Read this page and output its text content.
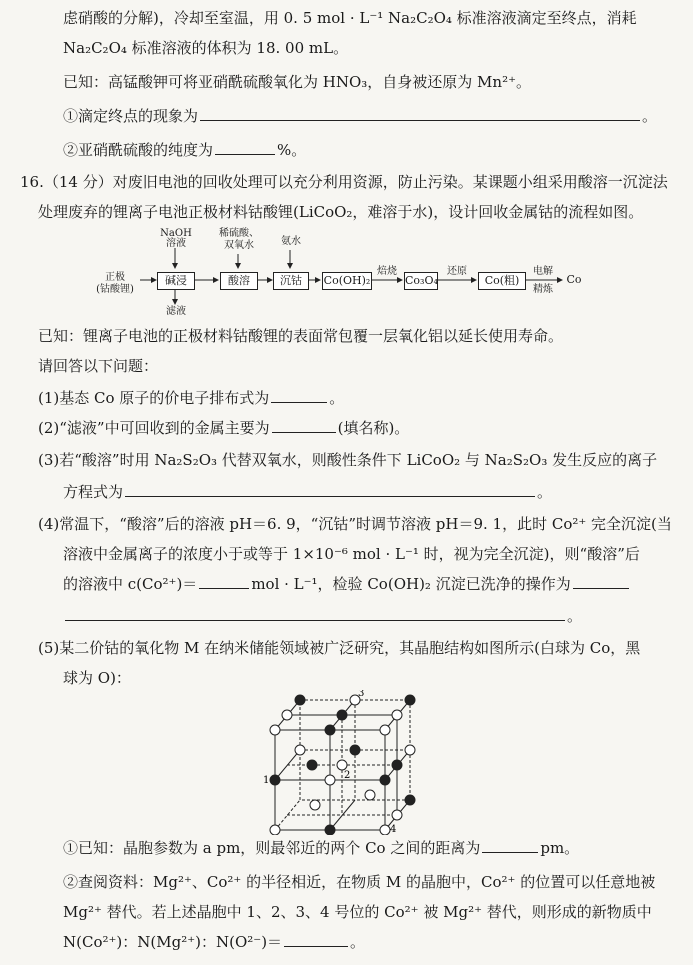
虑硝酸的分解)，冷却至室温，用 0. 5 mol · L⁻¹ Na₂C₂O₄ 标准溶液滴定至终点，消耗
Na₂C₂O₄ 标准溶液的体积为 18. 00 mL。
已知：高锰酸钾可将亚硝酰硫酸氧化为 HNO₃，自身被还原为 Mn²⁺。
①滴定终点的现象为	。
②亚硝酰硫酸的纯度为	%。
16.（14 分）对废旧电池的回收处理可以充分利用资源，防止污染。某课题小组采用酸溶一沉淀法
处理废弃的锂离子电池正极材料钴酸锂(LiCoO₂，难溶于水)，设计回收金属钴的流程如图。
正极
(钴酸锂)
NaOH
溶液
碱浸
滤液
稀硫酸、
双氧水
酸溶
氨水
沉钴	Co(OH)₂
焙烧
Co₃O₄
还原
Co(粗)
电解
精炼
Co
已知：锂离子电池的正极材料钴酸锂的表面常包覆一层氧化铝以延长使用寿命。
请回答以下问题：
(1)基态 Co 原子的价电子排布式为	。
(2)“滤液”中可回收到的金属主要为	(填名称)。
(3)若“酸溶”时用 Na₂S₂O₃ 代替双氧水，则酸性条件下 LiCoO₂ 与 Na₂S₂O₃ 发生反应的离子
方程式为	。
(4)常温下，“酸溶”后的溶液 pH＝6. 9，“沉钴”时调节溶液 pH＝9. 1，此时 Co²⁺ 完全沉淀(当
溶液中金属离子的浓度小于或等于 1×10⁻⁶ mol · L⁻¹ 时，视为完全沉淀)，则“酸溶”后
的溶液中 c(Co²⁺)＝	mol · L⁻¹，检验 Co(OH)₂ 沉淀已洗净的操作为
。
(5)某二价钴的氧化物 M 在纳米储能领域被广泛研究，其晶胞结构如图所示(白球为 Co，黑
球为 O)：
1	2
3
4
①已知：晶胞参数为 a pm，则最邻近的两个 Co 之间的距离为	pm。
②查阅资料：Mg²⁺、Co²⁺ 的半径相近，在物质 M 的晶胞中，Co²⁺ 的位置可以任意地被
Mg²⁺ 替代。若上述晶胞中 1、2、3、4 号位的 Co²⁺ 被 Mg²⁺ 替代，则形成的新物质中
N(Co²⁺)：N(Mg²⁺)：N(O²⁻)＝	。
